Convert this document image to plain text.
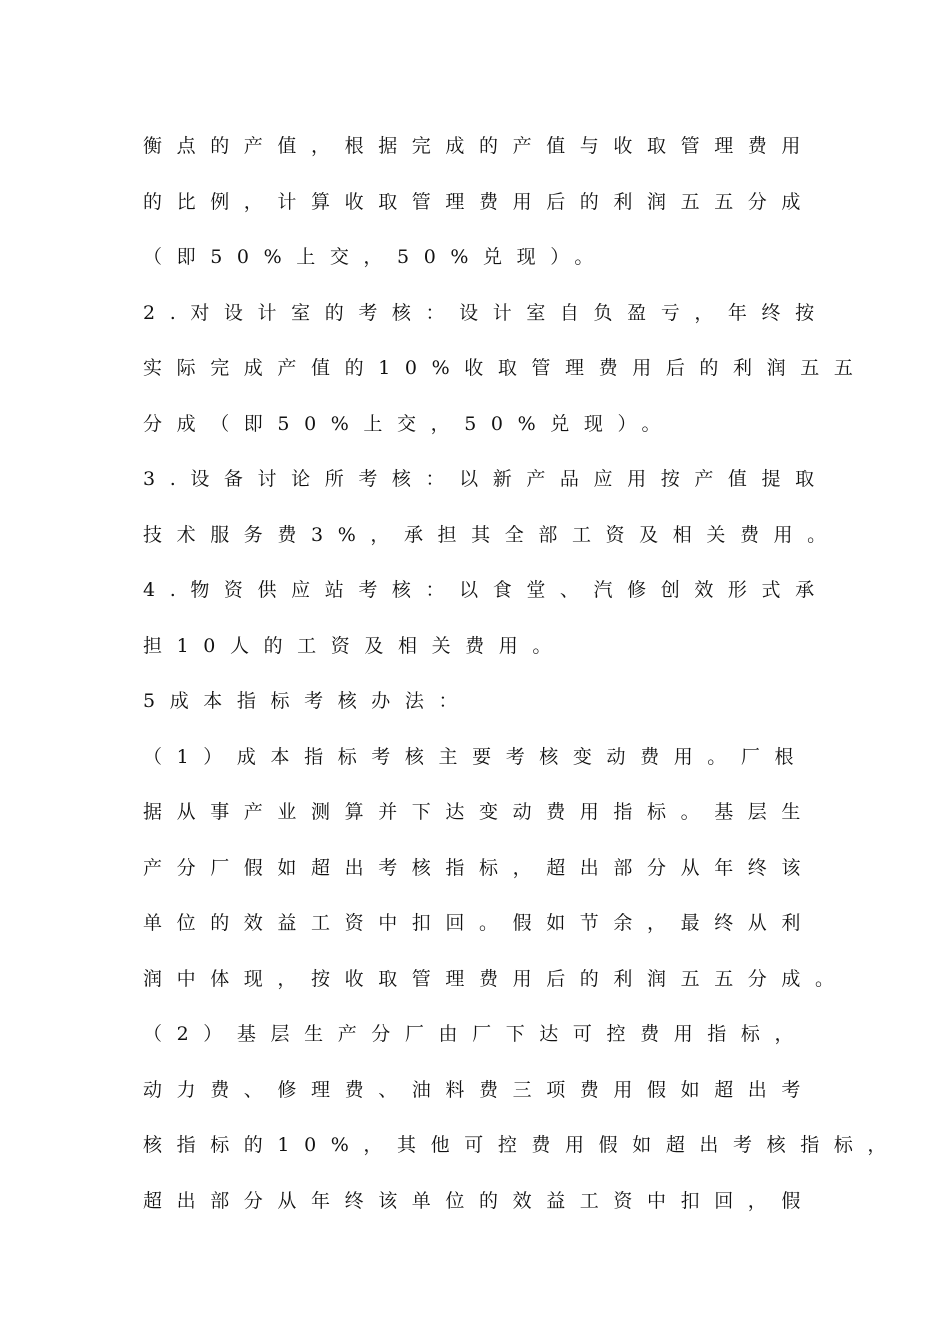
衡点的产值，根据完成的产值与收取管理费用
的比例，计算收取管理费用后的利润五五分成
（即50%上交，50%兑现）。
2.对设计室的考核：设计室自负盈亏，年终按
实际完成产值的10%收取管理费用后的利润五五
分成（即50%上交，50%兑现）。
3.设备讨论所考核：以新产品应用按产值提取
技术服务费3%，承担其全部工资及相关费用。
4.物资供应站考核：以食堂、汽修创效形式承
担10人的工资及相关费用。
5成本指标考核办法：
（1）成本指标考核主要考核变动费用。厂根
据从事产业测算并下达变动费用指标。基层生
产分厂假如超出考核指标，超出部分从年终该
单位的效益工资中扣回。假如节余，最终从利
润中体现，按收取管理费用后的利润五五分成。
（2）基层生产分厂由厂下达可控费用指标，
动力费、修理费、油料费三项费用假如超出考
核指标的10%，其他可控费用假如超出考核指标，
超出部分从年终该单位的效益工资中扣回，假
